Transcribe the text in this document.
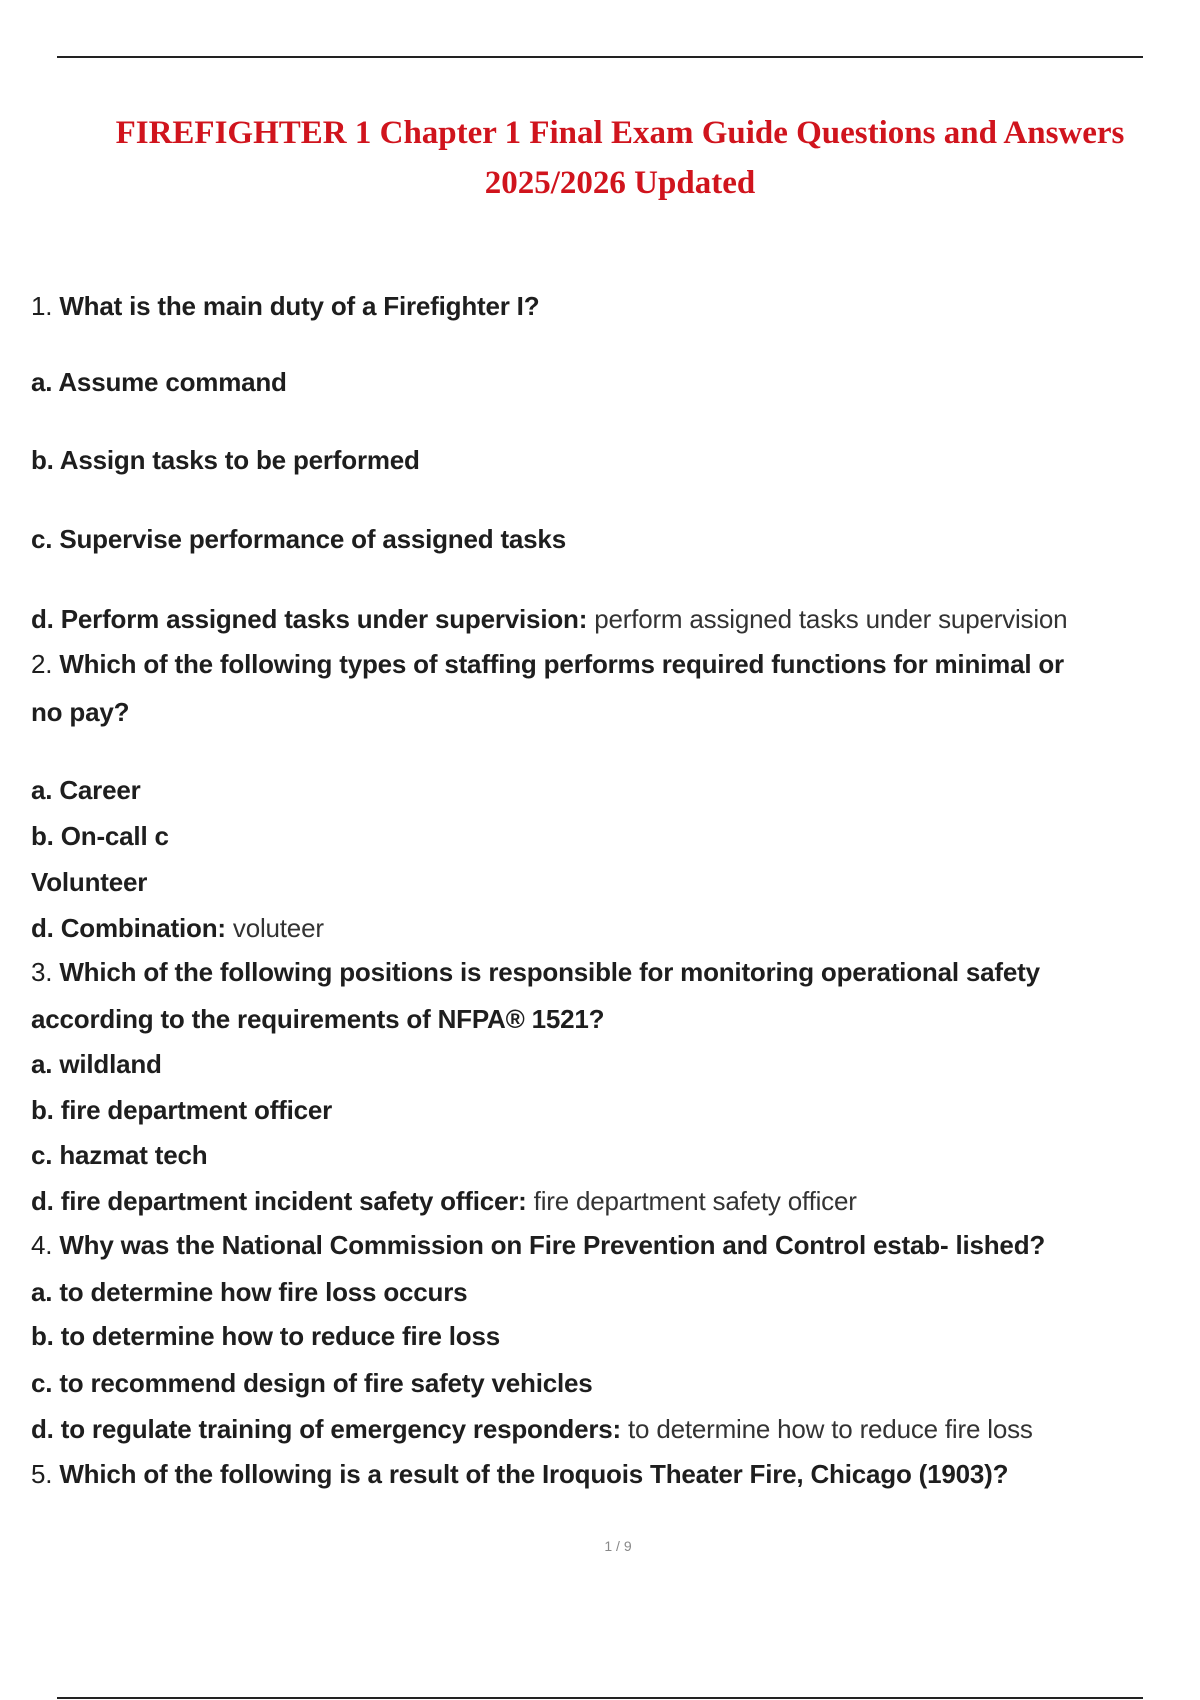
FIREFIGHTER 1 Chapter 1 Final Exam Guide Questions and Answers
2025/2026 Updated
1. What is the main duty of a Firefighter I?
a. Assume command
b. Assign tasks to be performed
c. Supervise performance of assigned tasks
d. Perform assigned tasks under supervision: perform assigned tasks under supervision
2. Which of the following types of staffing performs required functions for minimal or
no pay?
a. Career
b. On-call c
Volunteer
d. Combination: voluteer
3. Which of the following positions is responsible for monitoring operational safety
according to the requirements of NFPA® 1521?
a. wildland
b. fire department officer
c. hazmat tech
d. fire department incident safety officer: fire department safety officer
4. Why was the National Commission on Fire Prevention and Control estab- lished?
a. to determine how fire loss occurs
b. to determine how to reduce fire loss
c. to recommend design of fire safety vehicles
d. to regulate training of emergency responders: to determine how to reduce fire loss
5. Which of the following is a result of the Iroquois Theater Fire, Chicago (1903)?
1 / 9
